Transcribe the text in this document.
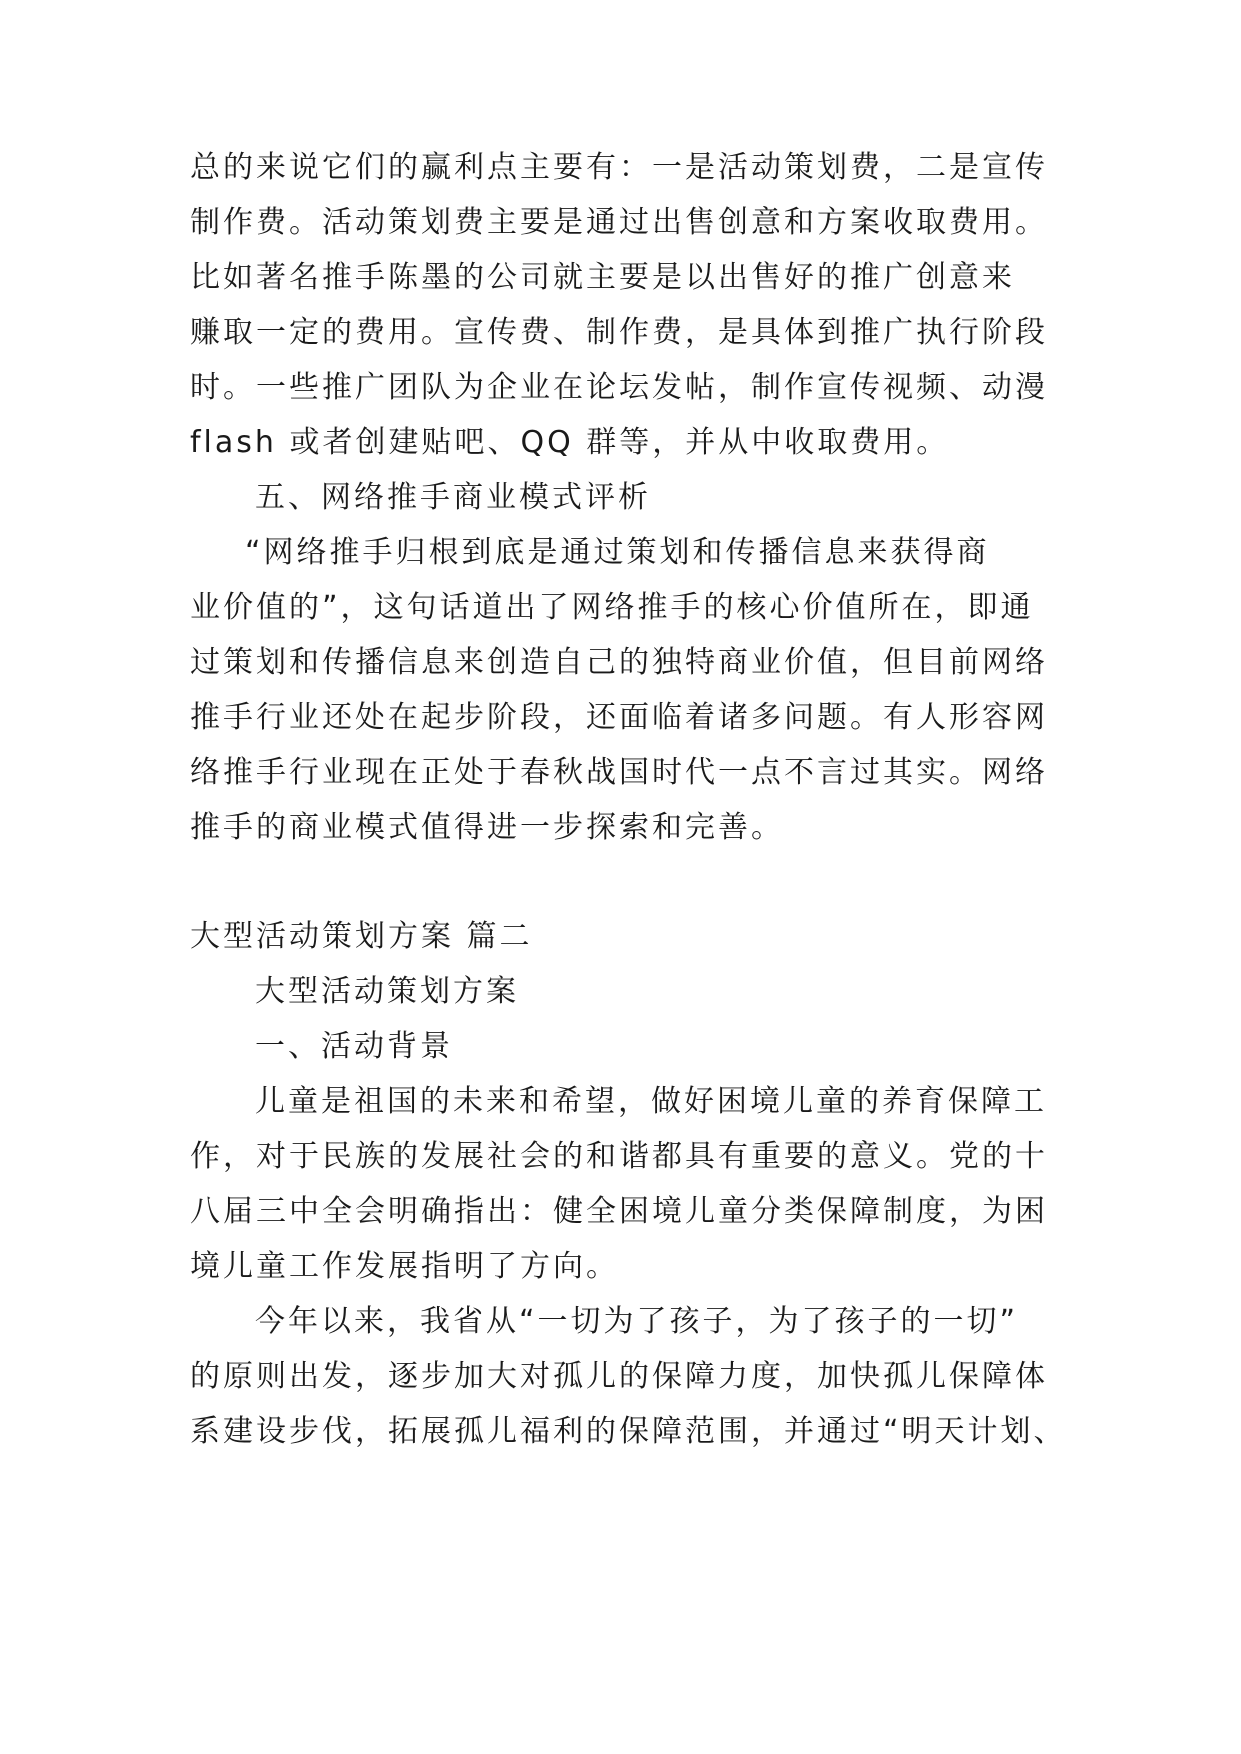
总的来说它们的赢利点主要有：一是活动策划费，二是宣传
制作费。活动策划费主要是通过出售创意和方案收取费用。
比如著名推手陈墨的公司就主要是以出售好的推广创意来
赚取一定的费用。宣传费、制作费，是具体到推广执行阶段
时。一些推广团队为企业在论坛发帖，制作宣传视频、动漫
flash 或者创建贴吧、QQ 群等，并从中收取费用。
五、网络推手商业模式评析
“网络推手归根到底是通过策划和传播信息来获得商
业价值的”，这句话道出了网络推手的核心价值所在，即通
过策划和传播信息来创造自己的独特商业价值，但目前网络
推手行业还处在起步阶段，还面临着诸多问题。有人形容网
络推手行业现在正处于春秋战国时代一点不言过其实。网络
推手的商业模式值得进一步探索和完善。
大型活动策划方案 篇二
大型活动策划方案
一、活动背景
儿童是祖国的未来和希望，做好困境儿童的养育保障工
作，对于民族的发展社会的和谐都具有重要的意义。党的十
八届三中全会明确指出：健全困境儿童分类保障制度，为困
境儿童工作发展指明了方向。
今年以来，我省从“一切为了孩子，为了孩子的一切”
的原则出发，逐步加大对孤儿的保障力度，加快孤儿保障体
系建设步伐，拓展孤儿福利的保障范围，并通过“明天计划、
